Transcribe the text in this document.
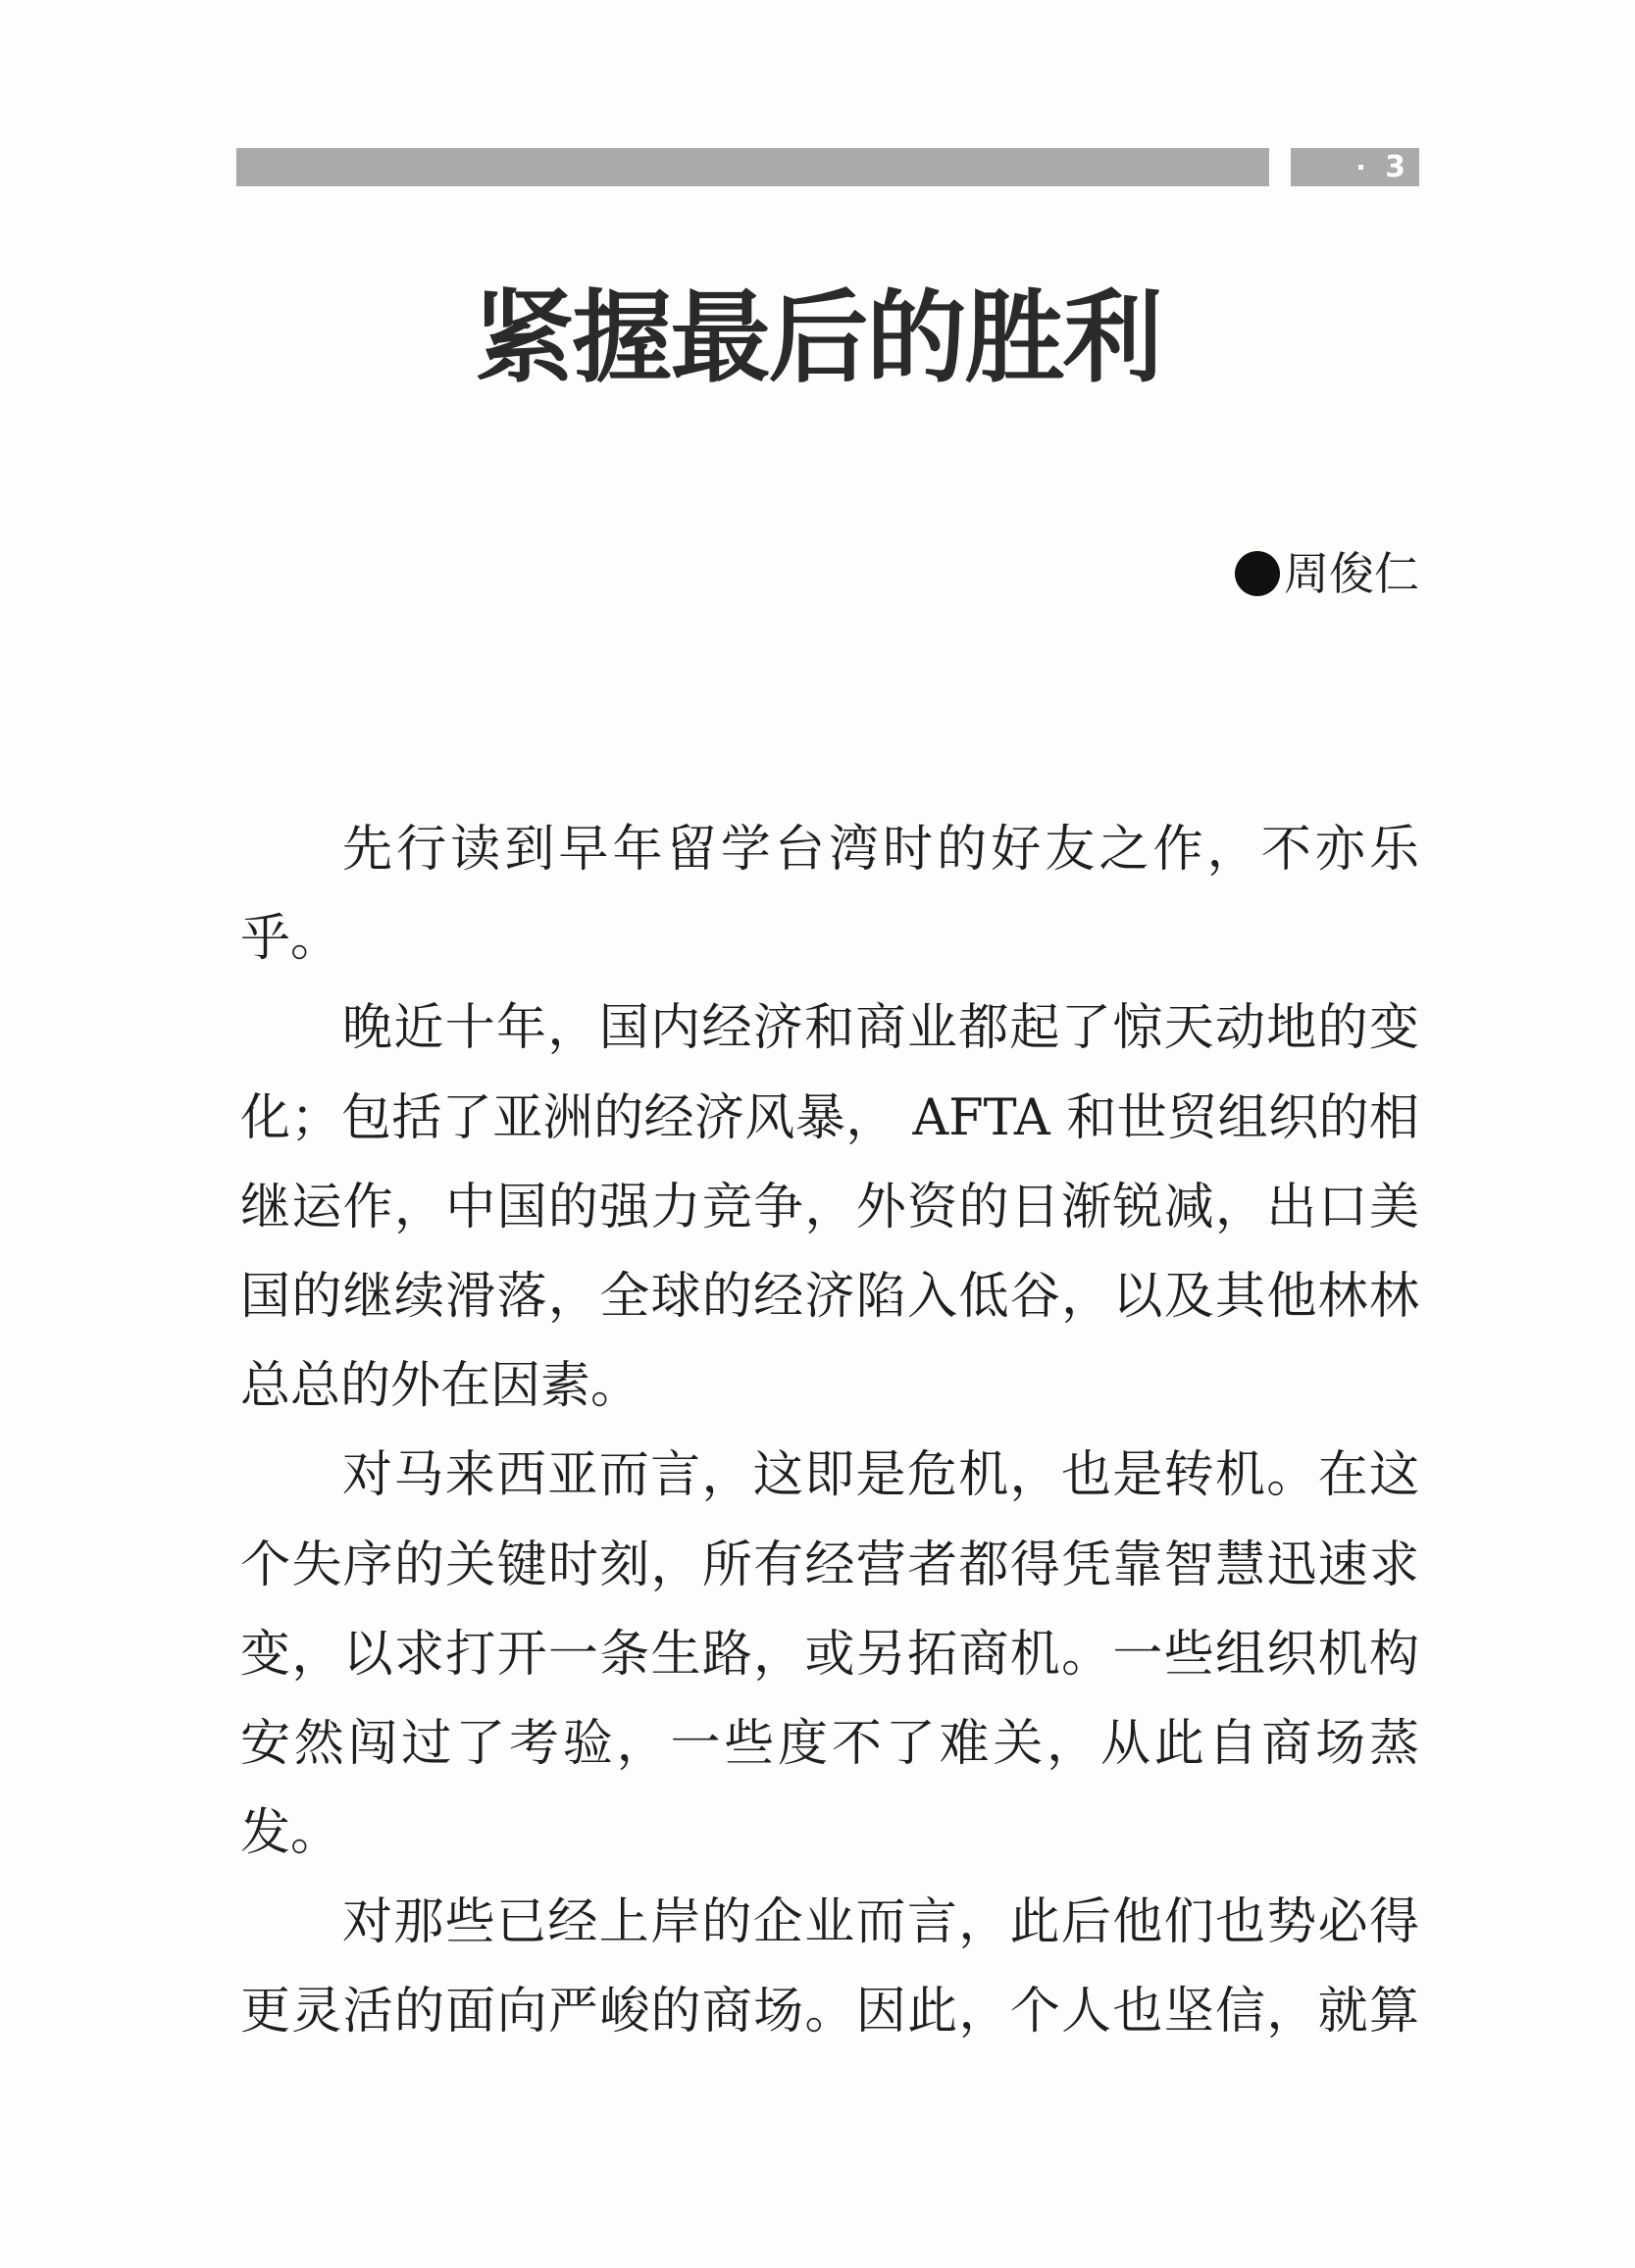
3
紧握最后的胜利
周俊仁
先行读到早年留学台湾时的好友之作，不亦乐
乎。
晚近十年，国内经济和商业都起了惊天动地的变
化；包括了亚洲的经济风暴， AFTA 和世贸组织的相
继运作，中国的强力竞争，外资的日渐锐减，出口美
国的继续滑落，全球的经济陷入低谷，以及其他林林
总总的外在因素。
对马来西亚而言，这即是危机，也是转机。在这
个失序的关键时刻，所有经营者都得凭靠智慧迅速求
变，以求打开一条生路，或另拓商机。一些组织机构
安然闯过了考验，一些度不了难关，从此自商场蒸
发。
对那些已经上岸的企业而言，此后他们也势必得
更灵活的面向严峻的商场。因此，个人也坚信，就算
